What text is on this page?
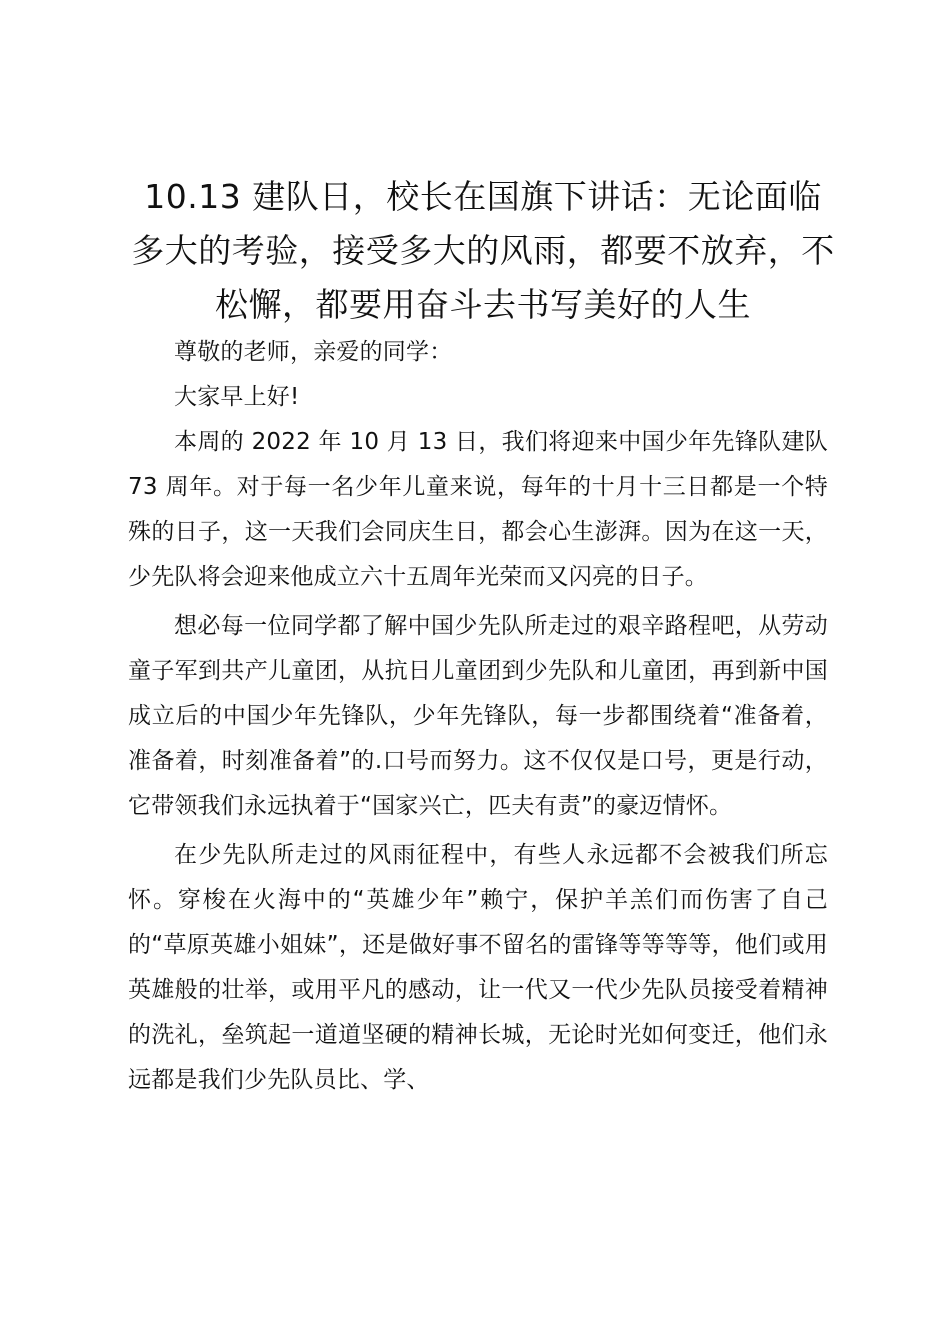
10.13 建队日，校长在国旗下讲话：无论面临多大的考验，接受多大的风雨，都要不放弃，不松懈，都要用奋斗去书写美好的人生

尊敬的老师，亲爱的同学：

大家早上好!

本周的 2022 年 10 月 13 日，我们将迎来中国少年先锋队建队 73 周年。对于每一名少年儿童来说，每年的十月十三日都是一个特殊的日子，这一天我们会同庆生日，都会心生澎湃。因为在这一天，少先队将会迎来他成立六十五周年光荣而又闪亮的日子。

想必每一位同学都了解中国少先队所走过的艰辛路程吧，从劳动童子军到共产儿童团，从抗日儿童团到少先队和儿童团，再到新中国成立后的中国少年先锋队，少年先锋队，每一步都围绕着“准备着，准备着，时刻准备着”的.口号而努力。这不仅仅是口号，更是行动，它带领我们永远执着于“国家兴亡，匹夫有责”的豪迈情怀。

在少先队所走过的风雨征程中，有些人永远都不会被我们所忘怀。穿梭在火海中的“英雄少年”赖宁，保护羊羔们而伤害了自己的“草原英雄小姐妹”，还是做好事不留名的雷锋等等等等，他们或用英雄般的壮举，或用平凡的感动，让一代又一代少先队员接受着精神的洗礼，垒筑起一道道坚硬的精神长城，无论时光如何变迁，他们永远都是我们少先队员比、学、
